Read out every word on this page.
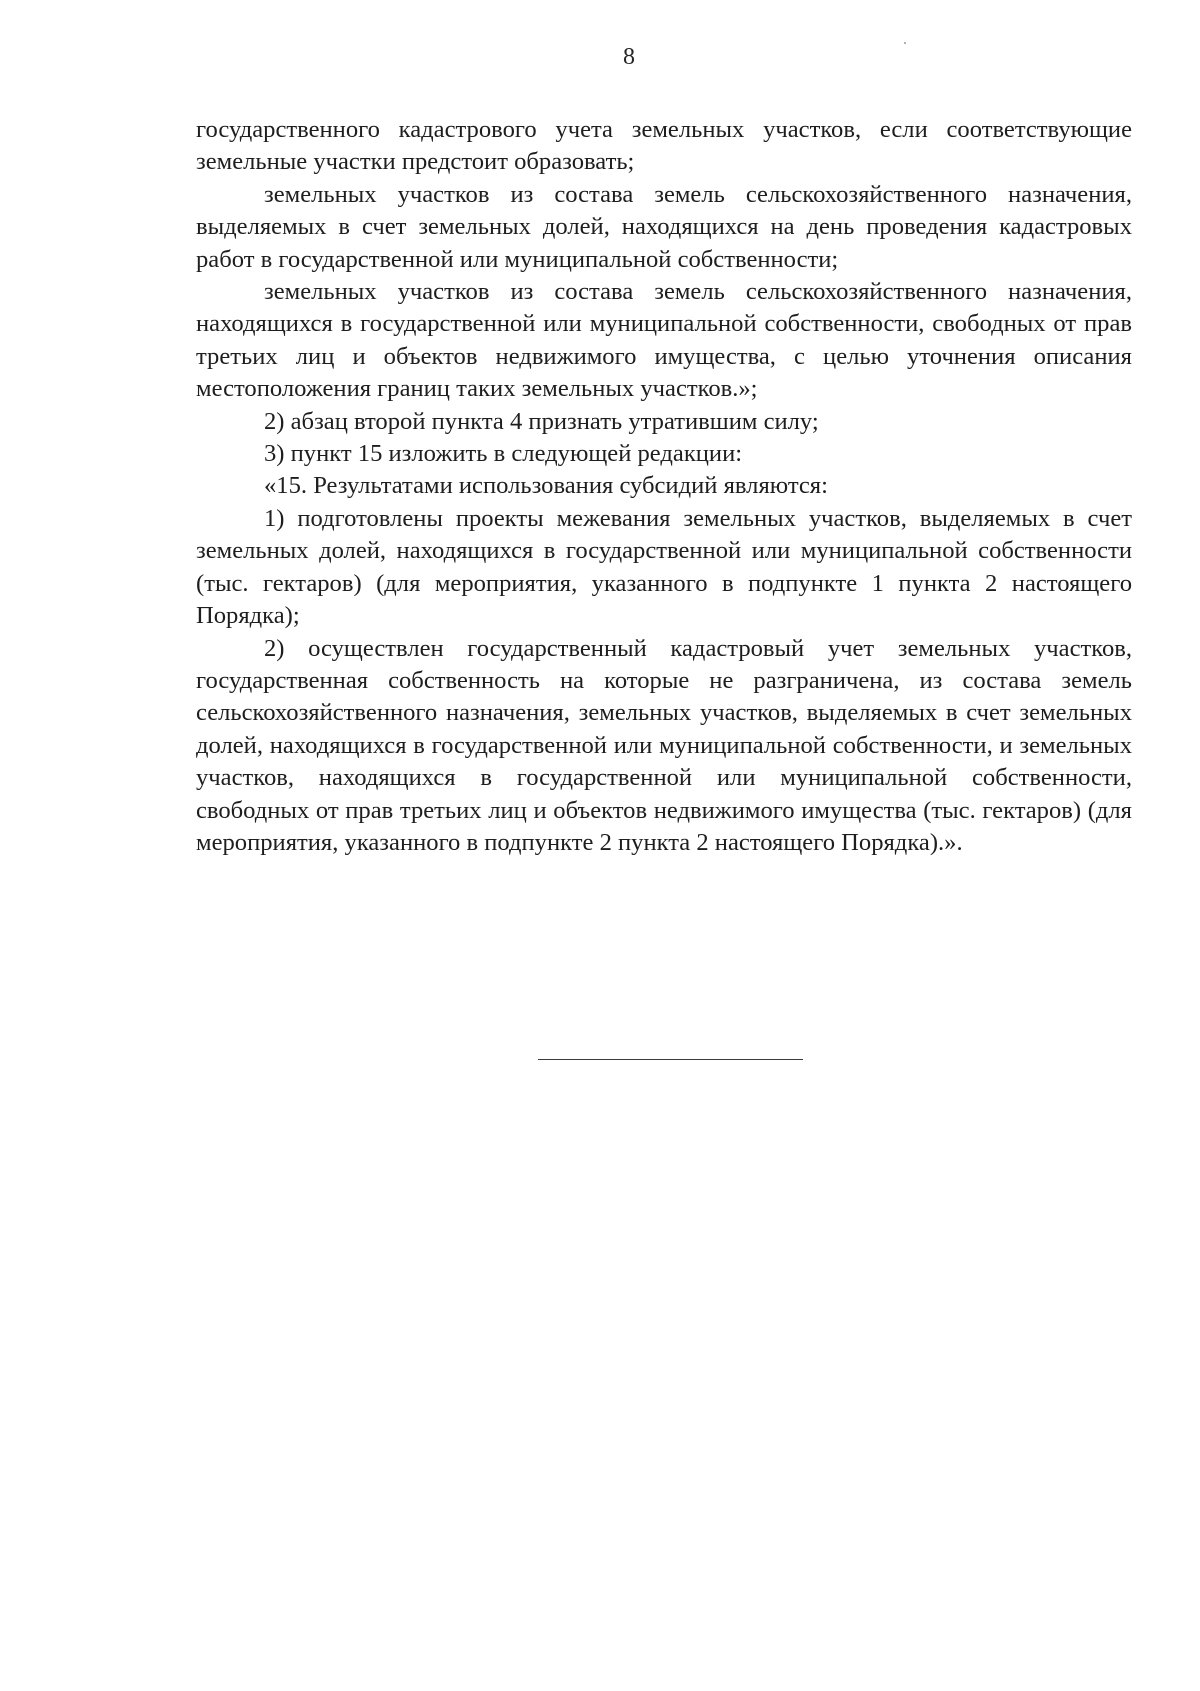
8

государственного кадастрового учета земельных участков, если соответствующие земельные участки предстоит образовать;

земельных участков из состава земель сельскохозяйственного назначения, выделяемых в счет земельных долей, находящихся на день проведения кадастровых работ в государственной или муниципальной собственности;

земельных участков из состава земель сельскохозяйственного назначения, находящихся в государственной или муниципальной собственности, свободных от прав третьих лиц и объектов недвижимого имущества, с целью уточнения описания местоположения границ таких земельных участков.»;

2) абзац второй пункта 4 признать утратившим силу;

3) пункт 15 изложить в следующей редакции:

«15. Результатами использования субсидий являются:

1) подготовлены проекты межевания земельных участков, выделяемых в счет земельных долей, находящихся в государственной или муниципальной собственности (тыс. гектаров) (для мероприятия, указанного в подпункте 1 пункта 2 настоящего Порядка);

2) осуществлен государственный кадастровый учет земельных участков, государственная собственность на которые не разграничена, из состава земель сельскохозяйственного назначения, земельных участков, выделяемых в счет земельных долей, находящихся в государственной или муниципальной собственности, и земельных участков, находящихся в государственной или муниципальной собственности, свободных от прав третьих лиц и объектов недвижимого имущества (тыс. гектаров) (для мероприятия, указанного в подпункте 2 пункта 2 настоящего Порядка).».
